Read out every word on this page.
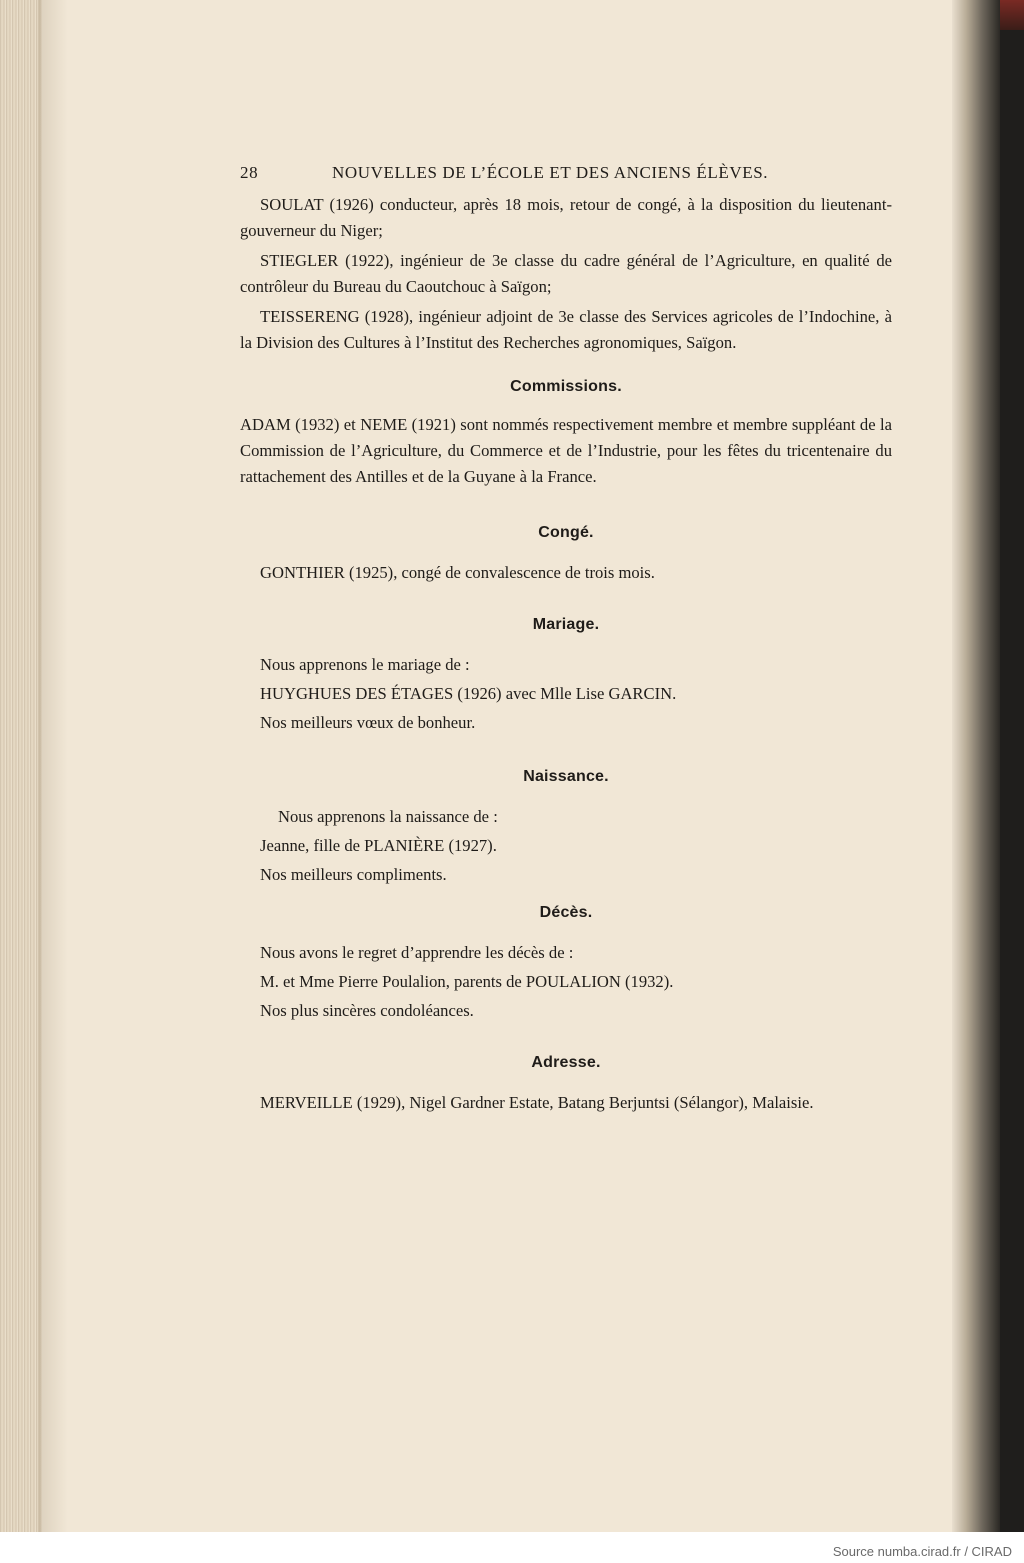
28	NOUVELLES DE L’ÉCOLE ET DES ANCIENS ÉLÈVES.

SOULAT (1926) conducteur, après 18 mois, retour de congé, à la disposition du lieutenant-gouverneur du Niger;

STIEGLER (1922), ingénieur de 3e classe du cadre général de l’Agriculture, en qualité de contrôleur du Bureau du Caoutchouc à Saïgon;

TEISSERENG (1928), ingénieur adjoint de 3e classe des Services agricoles de l’Indochine, à la Division des Cultures à l’Institut des Recherches agronomiques, Saïgon.

Commissions.

ADAM (1932) et NEME (1921) sont nommés respectivement membre et membre suppléant de la Commission de l’Agriculture, du Commerce et de l’Industrie, pour les fêtes du tricentenaire du rattachement des Antilles et de la Guyane à la France.

Congé.

GONTHIER (1925), congé de convalescence de trois mois.

Mariage.

Nous apprenons le mariage de :

HUYGHUES DES ÉTAGES (1926) avec Mlle Lise GARCIN.

Nos meilleurs vœux de bonheur.

Naissance.

Nous apprenons la naissance de :

Jeanne, fille de PLANIÈRE (1927).

Nos meilleurs compliments.

Décès.

Nous avons le regret d’apprendre les décès de :

M. et Mme Pierre Poulalion, parents de POULALION (1932).

Nos plus sincères condoléances.

Adresse.

MERVEILLE (1929), Nigel Gardner Estate, Batang Berjuntsi (Sélangor), Malaisie.

Source numba.cirad.fr / CIRAD
